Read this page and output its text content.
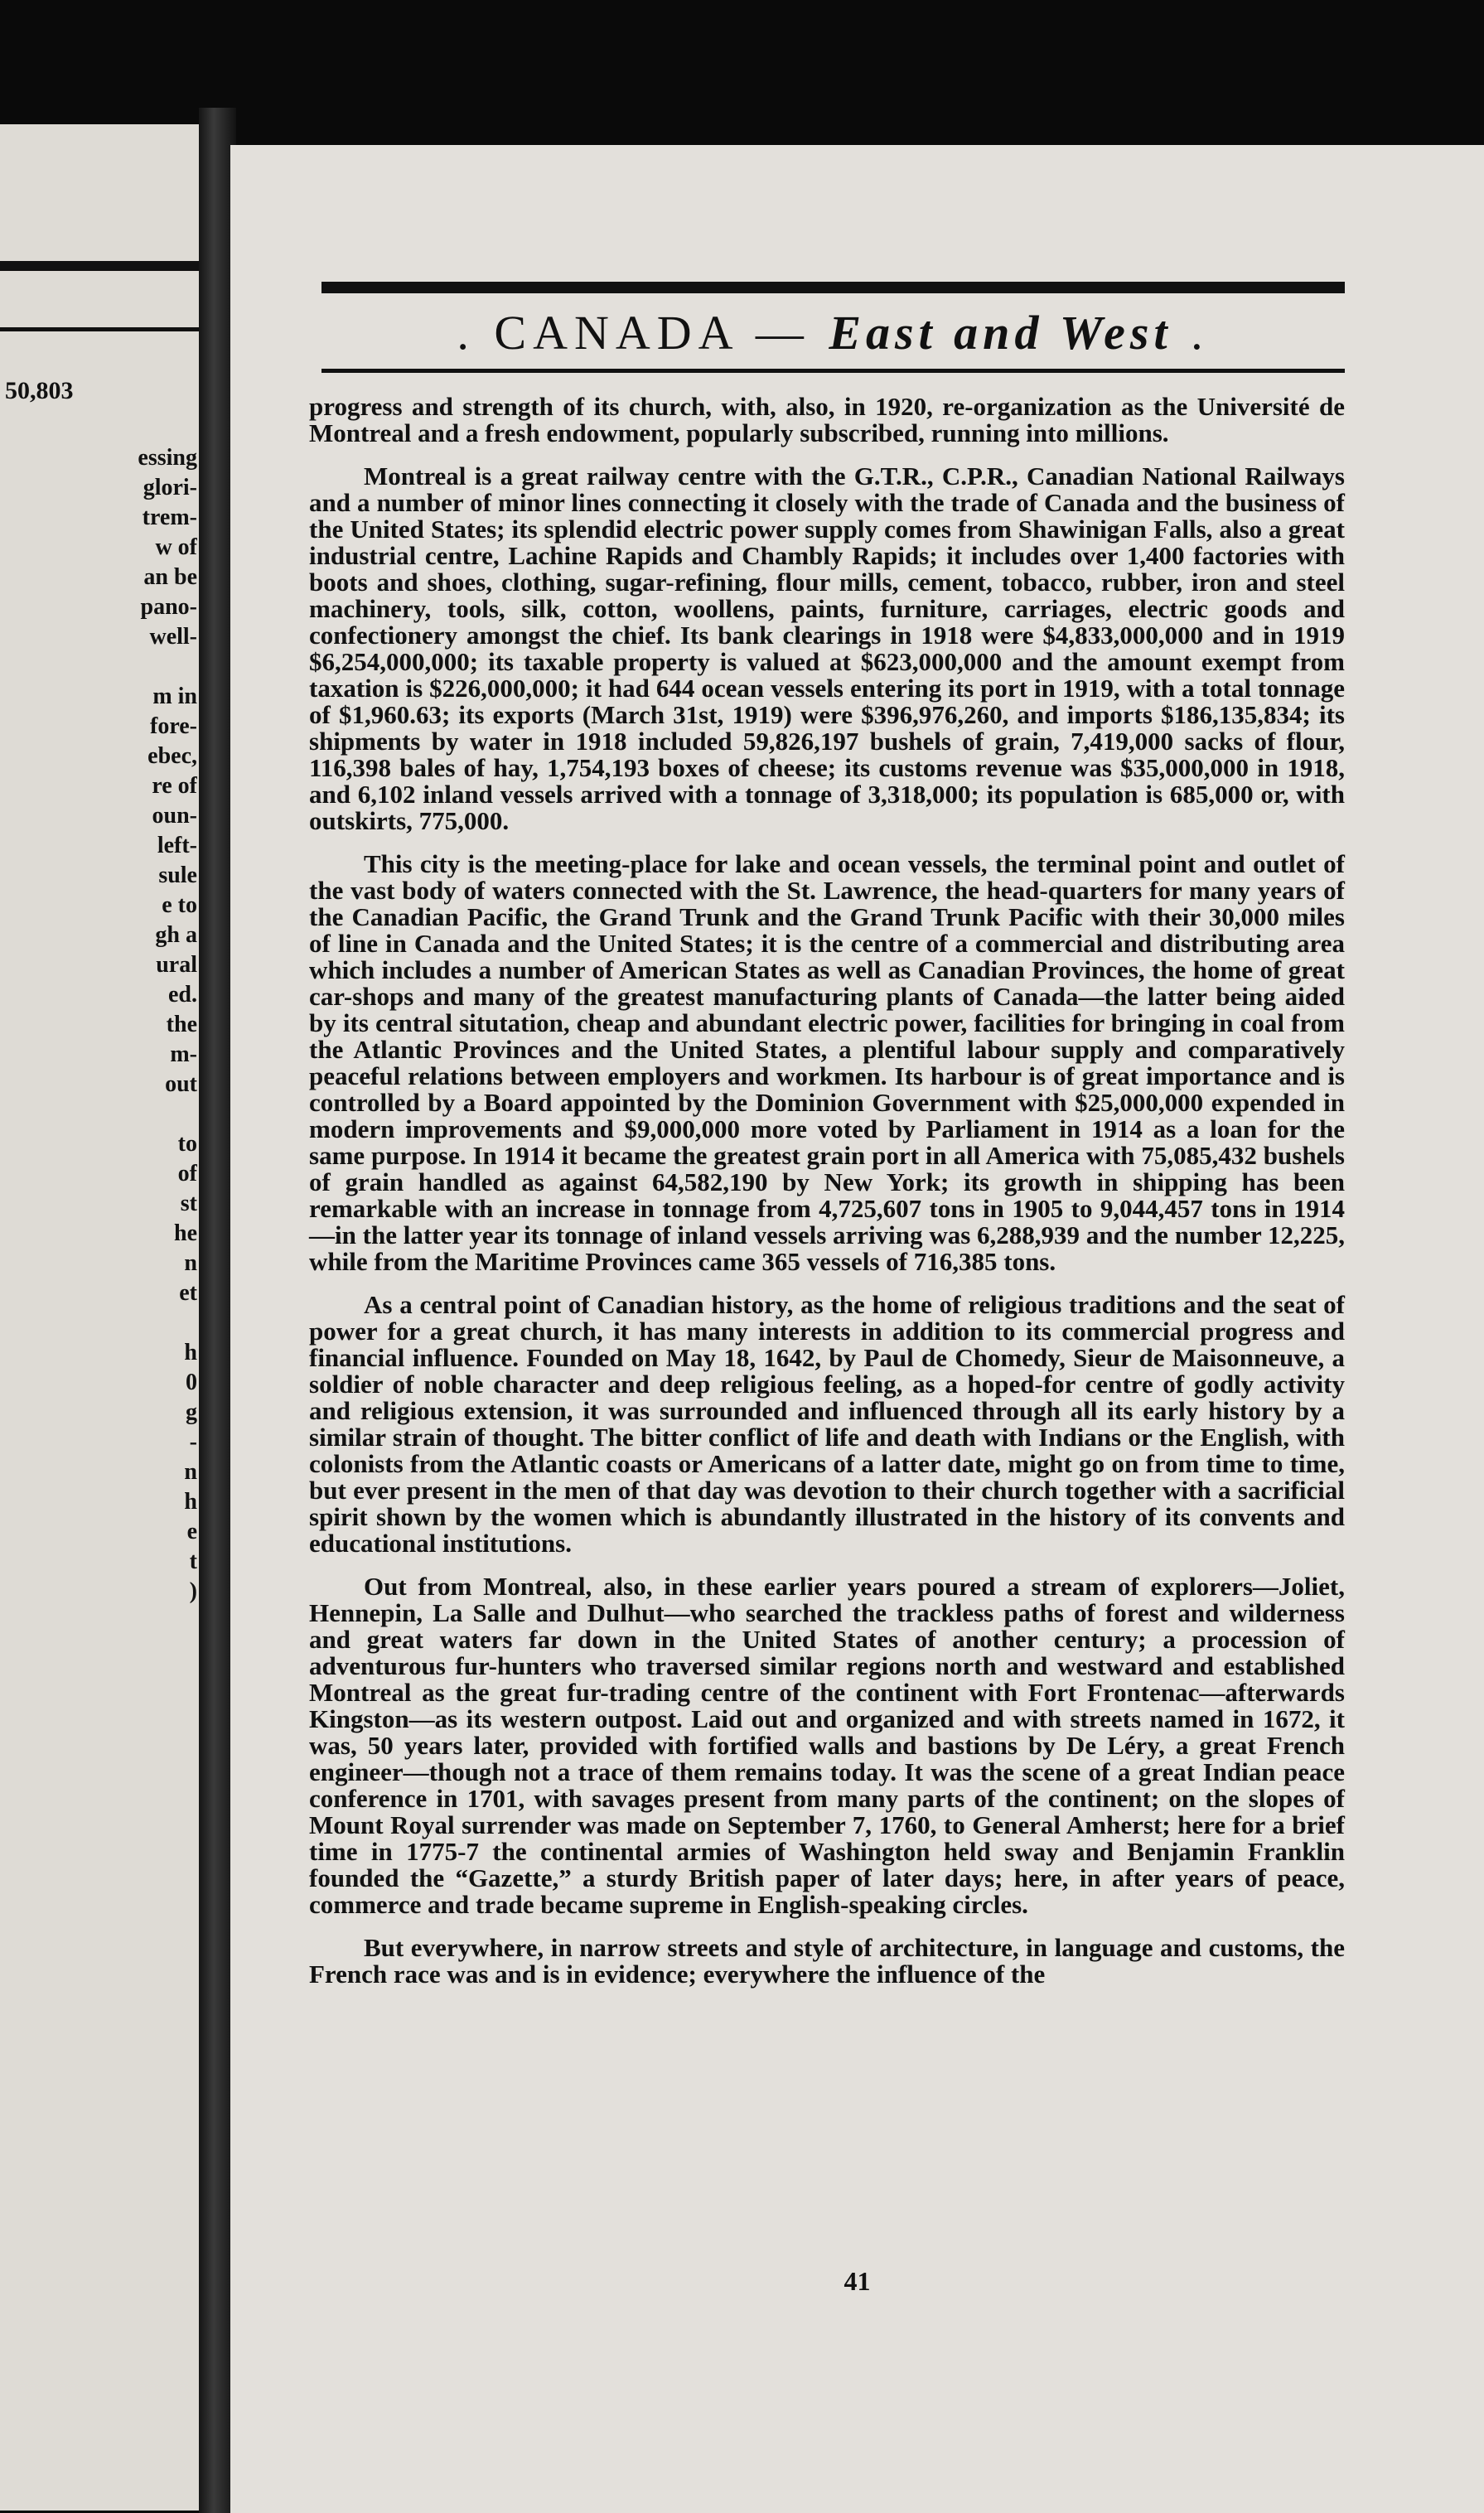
50,803
essing
glori-
trem-
w of
an be
pano-
well-
m in
fore-
ebec,
re of
oun-
left-
sule
e to
gh a
ural
ed.
the
m-
out
to
of
st
he
n
et
h
0
g
-
n
h
e
t
)
. CANADA — East and West .

progress and strength of its church, with, also, in 1920, re-organization as the Université de Montreal and a fresh endowment, popularly subscribed, running into millions.

Montreal is a great railway centre with the G.T.R., C.P.R., Canadian National Railways and a number of minor lines connecting it closely with the trade of Canada and the business of the United States; its splendid electric power supply comes from Shawinigan Falls, also a great industrial centre, Lachine Rapids and Chambly Rapids; it includes over 1,400 factories with boots and shoes, clothing, sugar-refining, flour mills, cement, tobacco, rubber, iron and steel machinery, tools, silk, cotton, woollens, paints, furniture, carriages, electric goods and confectionery amongst the chief. Its bank clearings in 1918 were $4,833,000,000 and in 1919 $6,254,000,000; its taxable property is valued at $623,000,000 and the amount exempt from taxation is $226,000,000; it had 644 ocean vessels entering its port in 1919, with a total tonnage of $1,960.63; its exports (March 31st, 1919) were $396,976,260, and imports $186,135,834; its shipments by water in 1918 included 59,826,197 bushels of grain, 7,419,000 sacks of flour, 116,398 bales of hay, 1,754,193 boxes of cheese; its customs revenue was $35,000,000 in 1918, and 6,102 inland vessels arrived with a tonnage of 3,318,000; its population is 685,000 or, with outskirts, 775,000.

This city is the meeting-place for lake and ocean vessels, the terminal point and outlet of the vast body of waters connected with the St. Lawrence, the head-quarters for many years of the Canadian Pacific, the Grand Trunk and the Grand Trunk Pacific with their 30,000 miles of line in Canada and the United States; it is the centre of a commercial and distributing area which includes a number of American States as well as Canadian Provinces, the home of great car-shops and many of the greatest manufacturing plants of Canada—the latter being aided by its central situtation, cheap and abundant electric power, facilities for bringing in coal from the Atlantic Provinces and the United States, a plentiful labour supply and comparatively peaceful relations between employers and workmen. Its harbour is of great importance and is controlled by a Board appointed by the Dominion Government with $25,000,000 expended in modern improvements and $9,000,000 more voted by Parliament in 1914 as a loan for the same purpose. In 1914 it became the greatest grain port in all America with 75,085,432 bushels of grain handled as against 64,582,190 by New York; its growth in shipping has been remarkable with an increase in tonnage from 4,725,607 tons in 1905 to 9,044,457 tons in 1914—in the latter year its tonnage of inland vessels arriving was 6,288,939 and the number 12,225, while from the Maritime Provinces came 365 vessels of 716,385 tons.

As a central point of Canadian history, as the home of religious traditions and the seat of power for a great church, it has many interests in addition to its commercial progress and financial influence. Founded on May 18, 1642, by Paul de Chomedy, Sieur de Maisonneuve, a soldier of noble character and deep religious feeling, as a hoped-for centre of godly activity and religious extension, it was surrounded and influenced through all its early history by a similar strain of thought. The bitter conflict of life and death with Indians or the English, with colonists from the Atlantic coasts or Americans of a latter date, might go on from time to time, but ever present in the men of that day was devotion to their church together with a sacrificial spirit shown by the women which is abundantly illustrated in the history of its convents and educational institutions.

Out from Montreal, also, in these earlier years poured a stream of explorers—Joliet, Hennepin, La Salle and Dulhut—who searched the trackless paths of forest and wilderness and great waters far down in the United States of another century; a procession of adventurous fur-hunters who traversed similar regions north and westward and established Montreal as the great fur-trading centre of the continent with Fort Frontenac—afterwards Kingston—as its western outpost. Laid out and organized and with streets named in 1672, it was, 50 years later, provided with fortified walls and bastions by De Léry, a great French engineer—though not a trace of them remains today. It was the scene of a great Indian peace conference in 1701, with savages present from many parts of the continent; on the slopes of Mount Royal surrender was made on September 7, 1760, to General Amherst; here for a brief time in 1775-7 the continental armies of Washington held sway and Benjamin Franklin founded the “Gazette,” a sturdy British paper of later days; here, in after years of peace, commerce and trade became supreme in English-speaking circles.

But everywhere, in narrow streets and style of architecture, in language and customs, the French race was and is in evidence; everywhere the influence of the

41
